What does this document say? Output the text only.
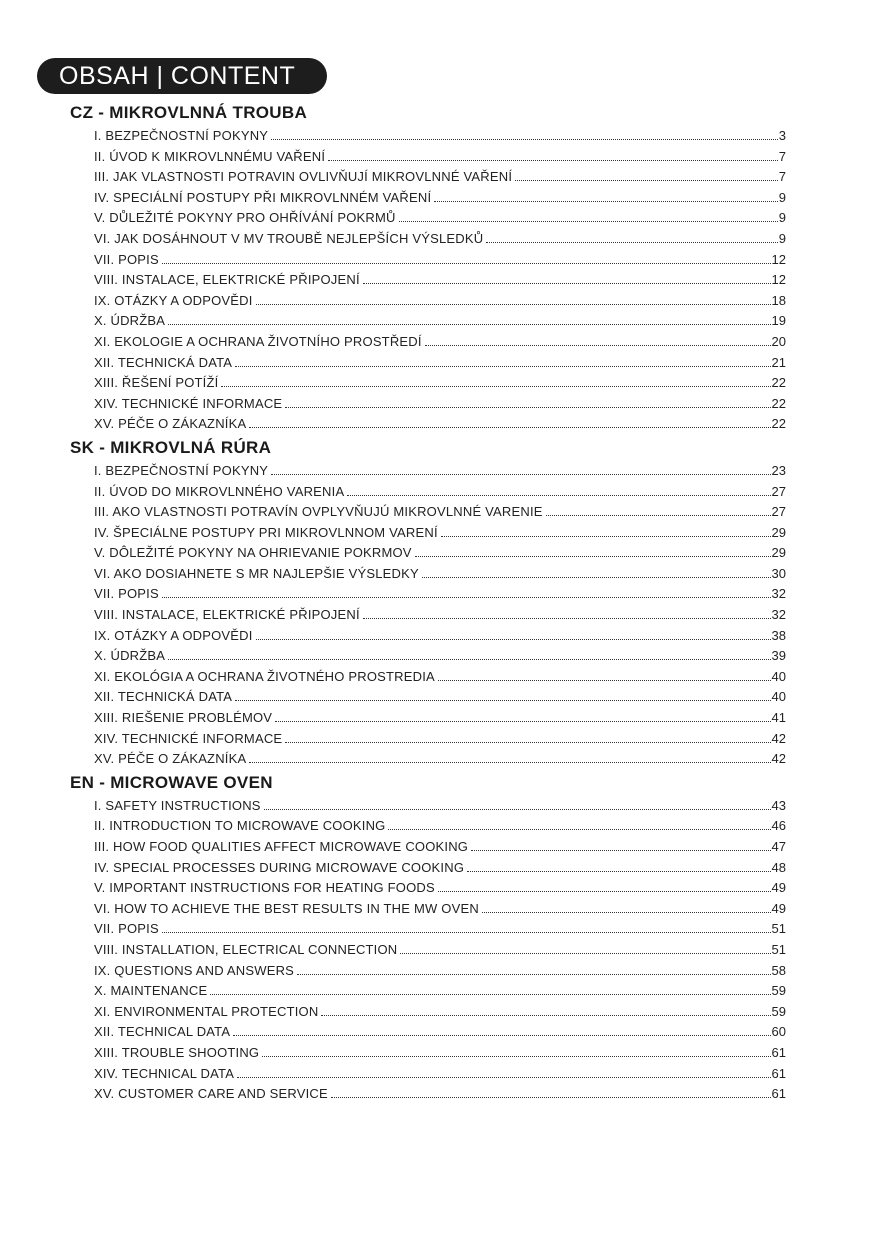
OBSAH | CONTENT
CZ - MIKROVLNNÁ TROUBA
I. BEZPEČNOSTNÍ POKYNY	3
II. ÚVOD K MIKROVLNNÉMU VAŘENÍ	7
III. JAK VLASTNOSTI POTRAVIN OVLIVŇUJÍ MIKROVLNNÉ VAŘENÍ	7
IV. SPECIÁLNÍ POSTUPY PŘI MIKROVLNNÉM VAŘENÍ	9
V. DŮLEŽITÉ POKYNY PRO OHŘÍVÁNÍ POKRMŮ	9
VI. JAK DOSÁHNOUT V MV TROUBĚ NEJLEPŠÍCH VÝSLEDKŮ	9
VII. POPIS	12
VIII. INSTALACE, ELEKTRICKÉ PŘIPOJENÍ	12
IX. OTÁZKY A ODPOVĚDI	18
X. ÚDRŽBA	19
XI. EKOLOGIE A OCHRANA ŽIVOTNÍHO PROSTŘEDÍ	20
XII. TECHNICKÁ DATA	21
XIII. ŘEŠENÍ POTÍŽÍ	22
XIV. TECHNICKÉ INFORMACE	22
XV. PÉČE O ZÁKAZNÍKA	22
SK - MIKROVLNÁ RÚRA
I. BEZPEČNOSTNÍ POKYNY	23
II. ÚVOD DO MIKROVLNNÉHO VARENIA	27
III. AKO VLASTNOSTI POTRAVÍN OVPLYVŇUJÚ MIKROVLNNÉ VARENIE	27
IV. ŠPECIÁLNE POSTUPY PRI MIKROVLNNOM VARENÍ	29
V. DÔLEŽITÉ POKYNY NA OHRIEVANIE POKRMOV	29
VI. AKO DOSIAHNETE S MR NAJLEPŠIE VÝSLEDKY	30
VII. POPIS	32
VIII. INSTALACE, ELEKTRICKÉ PŘIPOJENÍ	32
IX. OTÁZKY A ODPOVĚDI	38
X. ÚDRŽBA	39
XI. EKOLÓGIA A OCHRANA ŽIVOTNÉHO PROSTREDIA	40
XII. TECHNICKÁ DATA	40
XIII. RIEŠENIE PROBLÉMOV	41
XIV. TECHNICKÉ INFORMACE	42
XV. PÉČE O ZÁKAZNÍKA	42
EN - MICROWAVE OVEN
I. SAFETY INSTRUCTIONS	43
II. INTRODUCTION TO MICROWAVE COOKING	46
III. HOW FOOD QUALITIES AFFECT MICROWAVE COOKING	47
IV. SPECIAL PROCESSES DURING MICROWAVE COOKING	48
V. IMPORTANT INSTRUCTIONS FOR HEATING FOODS	49
VI. HOW TO ACHIEVE THE BEST RESULTS IN THE MW OVEN	49
VII. POPIS	51
VIII. INSTALLATION, ELECTRICAL CONNECTION	51
IX. QUESTIONS AND ANSWERS	58
X. MAINTENANCE	59
XI. ENVIRONMENTAL PROTECTION	59
XII. TECHNICAL DATA	60
XIII. TROUBLE SHOOTING	61
XIV. TECHNICAL DATA	61
XV. CUSTOMER CARE AND SERVICE	61
